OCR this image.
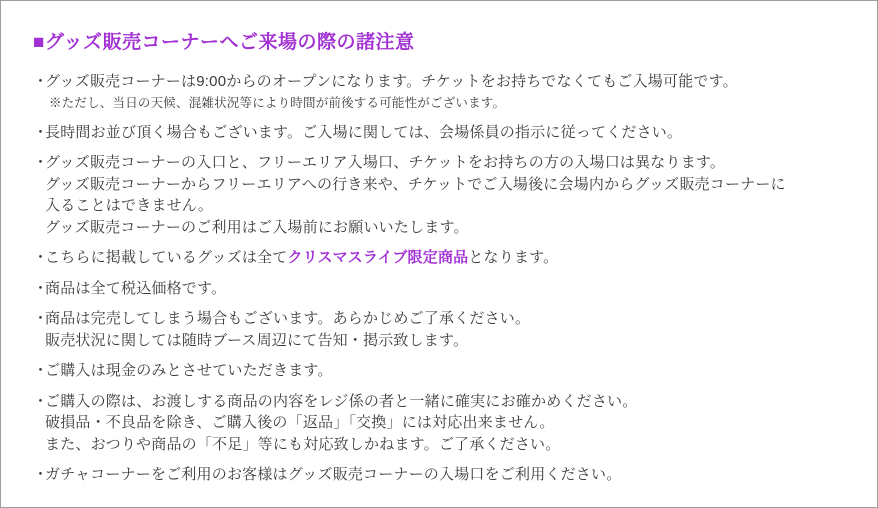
■グッズ販売コーナーへご来場の際の諸注意
・
グッズ販売コーナーは9:00からのオープンになります。チケットをお持ちでなくてもご入場可能です。
※ただし、当日の天候、混雑状況等により時間が前後する可能性がございます。
・
長時間お並び頂く場合もございます。ご入場に関しては、会場係員の指示に従ってください。
・
グッズ販売コーナーの入口と、フリーエリア入場口、チケットをお持ちの方の入場口は異なります。
グッズ販売コーナーからフリーエリアへの行き来や、チケットでご入場後に会場内からグッズ販売コーナーに
入ることはできません。
グッズ販売コーナーのご利用はご入場前にお願いいたします。
・
こちらに掲載しているグッズは全てクリスマスライブ限定商品となります。
・
商品は全て税込価格です。
・
商品は完売してしまう場合もございます。あらかじめご了承ください。
販売状況に関しては随時ブース周辺にて告知・掲示致します。
・
ご購入は現金のみとさせていただきます。
・
ご購入の際は、お渡しする商品の内容をレジ係の者と一緒に確実にお確かめください。
破損品・不良品を除き、ご購入後の「返品」「交換」には対応出来ません。
また、おつりや商品の「不足」等にも対応致しかねます。ご了承ください。
・
ガチャコーナーをご利用のお客様はグッズ販売コーナーの入場口をご利用ください。
